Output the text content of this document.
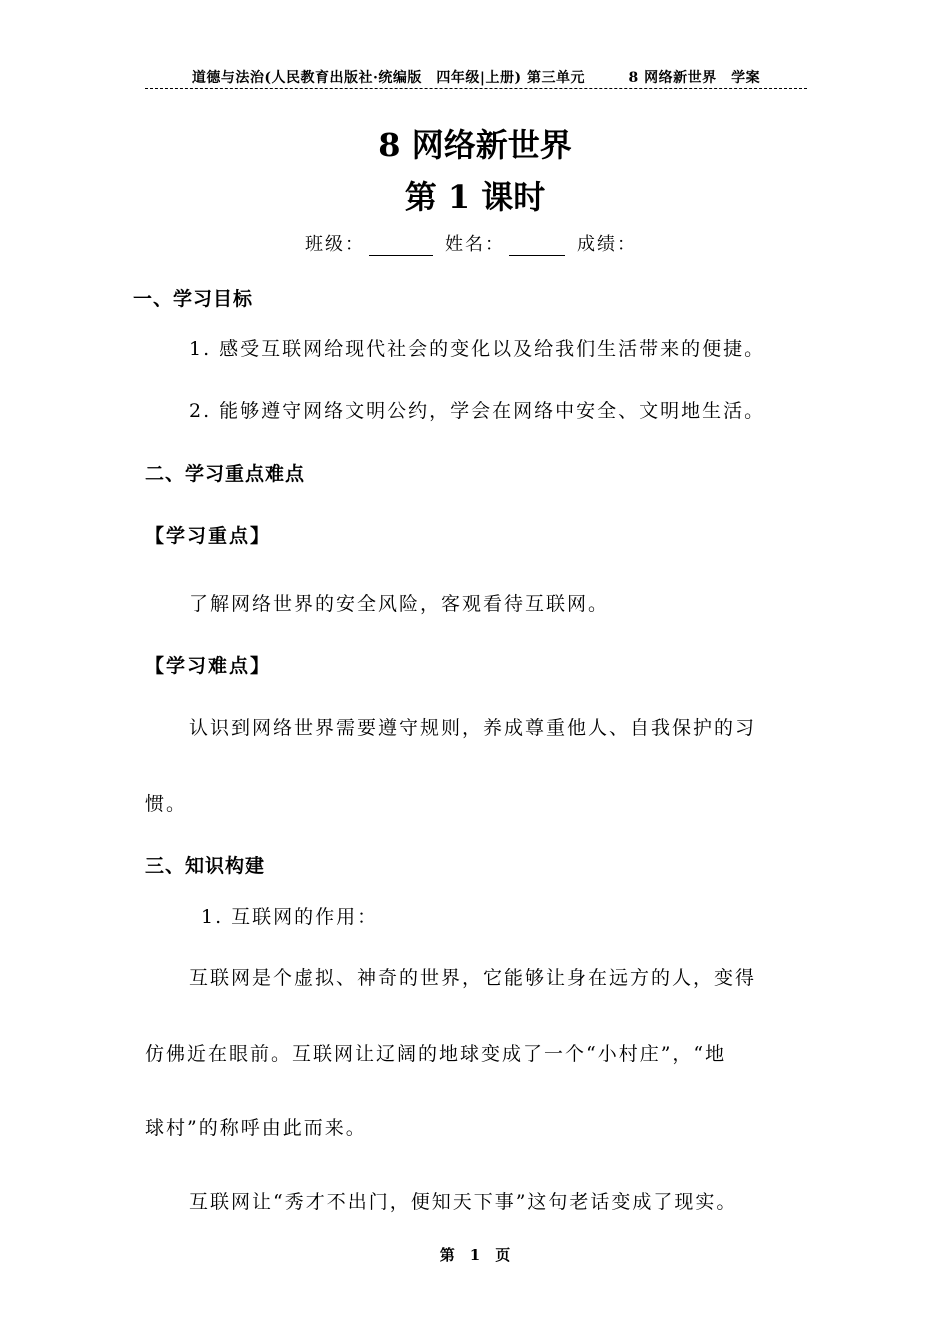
道德与法治(人民教育出版社·统编版　四年级|上册) 第三单元　　　8 网络新世界　学案
8 网络新世界
第 1 课时
班级：	姓名：	成绩：
一、学习目标
1. 感受互联网给现代社会的变化以及给我们生活带来的便捷。
2. 能够遵守网络文明公约，学会在网络中安全、文明地生活。
二、学习重点难点
【学习重点】
了解网络世界的安全风险，客观看待互联网。
【学习难点】
认识到网络世界需要遵守规则，养成尊重他人、自我保护的习
惯。
三、知识构建
1. 互联网的作用：
互联网是个虚拟、神奇的世界，它能够让身在远方的人，变得
仿佛近在眼前。互联网让辽阔的地球变成了一个“小村庄”，“地
球村”的称呼由此而来。
互联网让“秀才不出门，便知天下事”这句老话变成了现实。
第　1　页
